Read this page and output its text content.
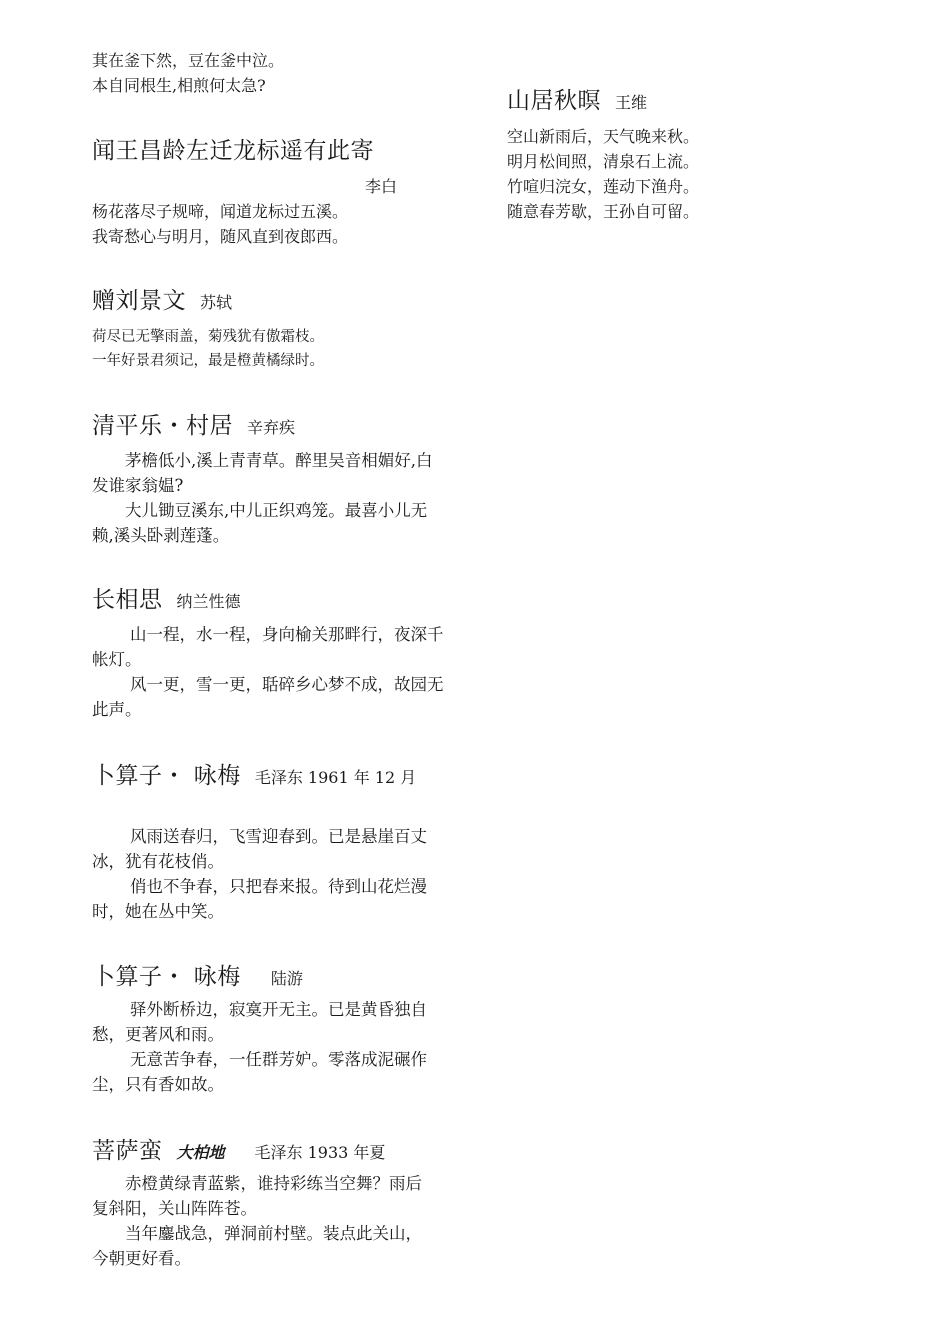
萁在釜下然，豆在釜中泣。

本自同根生,相煎何太急?

闻王昌龄左迁龙标遥有此寄

李白

杨花落尽子规啼，闻道龙标过五溪。

我寄愁心与明月，随风直到夜郎西。

赠刘景文 苏轼

荷尽已无擎雨盖，菊残犹有傲霜枝。

一年好景君须记，最是橙黄橘绿时。

清平乐・村居 辛弃疾

茅檐低小,溪上青青草。醉里吴音相媚好,白发谁家翁媪?

大儿锄豆溪东,中儿正织鸡笼。最喜小儿无赖,溪头卧剥莲蓬。

长相思 纳兰性德

山一程，水一程，身向榆关那畔行，夜深千帐灯。

风一更，雪一更，聒碎乡心梦不成，故园无此声。

卜算子・ 咏梅 毛泽东 1961 年 12 月

风雨送春归，飞雪迎春到。已是悬崖百丈冰，犹有花枝俏。

俏也不争春，只把春来报。待到山花烂漫时，她在丛中笑。

卜算子・ 咏梅 陆游

驿外断桥边，寂寞开无主。已是黄昏独自愁，更著风和雨。

无意苦争春，一任群芳妒。零落成泥碾作尘，只有香如故。

菩萨蛮 大柏地 毛泽东 1933 年夏

赤橙黄绿青蓝紫，谁持彩练当空舞？雨后复斜阳，关山阵阵苍。

当年鏖战急，弹洞前村壁。装点此关山，今朝更好看。

山居秋暝 王维

空山新雨后，天气晚来秋。

明月松间照，清泉石上流。

竹喧归浣女，莲动下渔舟。

随意春芳歇，王孙自可留。
